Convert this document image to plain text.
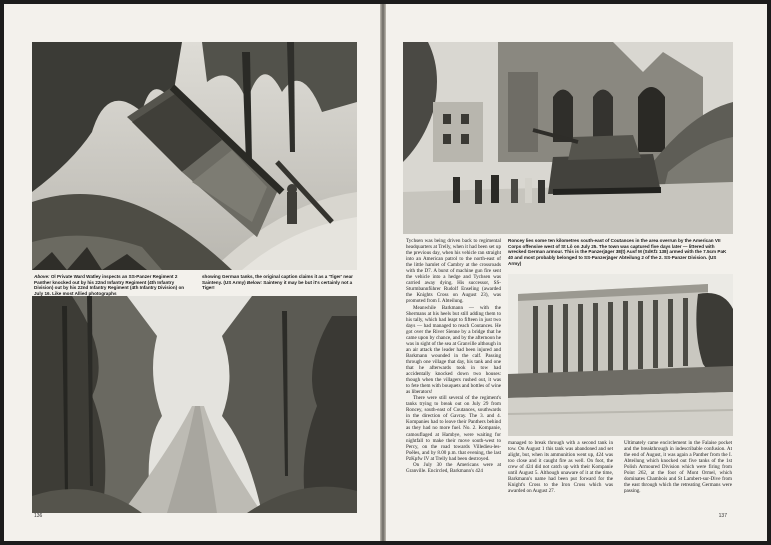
Above: Ol Private Ward Watley inspects an SS-Panzer Regiment 2 Panther knocked out by his 22nd Infantry Regiment (4th Infantry Division) out by his 22nd Infantry Regiment (4th Infantry Division) on July 16. Like most Allied photographs

showing German tanks, the original caption claims it as a 'Tiger' near Sainteny. (US Army) Below: Sainteny it may be but it's certainly not a Tiger!

136

Roncey lies some ten kilometres south-east of Coutances in the area overrun by the American VII Corps offensive west of St Lô on July 25. The town was captured five days later — littered with wrecked German armour. This is the Panzerjäger 38(t) Ausf M (SdKfz 138) armed with the 7.5cm PaK 40 and most probably belonged to SS-Panzerjäger Abteilung 2 of the 2. SS-Panzer Division. (US Army)

Tychsen was being driven back to regimental headquarters at Trelly, when it had been set up the previous day, when his vehicle ran straight into an American patrol to the north-east of the little hamlet of Cambry at the crossroads with the D7. A burst of machine gun fire sent the vehicle into a hedge and Tychsen was carried away dying. His successor, SS-Sturmbannführer Rudolf Enseling (awarded the Knights Cross on August 23), was promoted from I. Abteilung.

Meanwhile Barkmann — with the Shermans at his heels but still adding them to his tally, which had leapt to fifteen in just two days — had managed to reach Coutances. He got over the River Sienne by a bridge that he came upon by chance, and by the afternoon he was in sight of the sea at Granville although in an air attack the leader had been injured and Barkmann wounded in the calf. Passing through one village that day, his tank and one that he afterwards took in tow had accidentally knocked down two houses: though when the villagers rushed out, it was to fete them with bouquets and bottles of wine as liberators!

There were still several of the regiment's tanks trying to break out on July 29 from Roncey, south-east of Coutances, southwards in the direction of Gavray. The 3. and 4. Kompanies had to leave their Panthers behind as they had no more fuel. No. 2. Kompanie, camouflaged at Hambye, were waiting for nightfall to make their move south-west to Percy, on the road towards Villedieu-les-Poêles, and by 8.00 p.m. that evening, the last PzKpfw IV at Trelly had been destroyed.

On July 30 the Americans were at Granville. Encircled, Barkmann's 424

managed to break through with a second tank in tow. On August 1 this tank was abandoned and set alight, but, when its ammunition went up, 424 was too close and it caught fire as well. On foot, the crew of 424 did not catch up with their Kompanie until August 5. Although unaware of it at the time, Barkmann's name had been put forward for the Knight's Cross to the Iron Cross which was awarded on August 27.

Ultimately came encirclement in the Falaise pocket and the breakthrough in indescribable confusion. At the end of August, it was again a Panther from the I. Abteilung which knocked out five tanks of the 1st Polish Armoured Division which were firing from Point 262, at the foot of Mont Ormel, which dominates Chambois and St Lambert-sur-Dive from the east through which the retreating Germans were passing.

137
